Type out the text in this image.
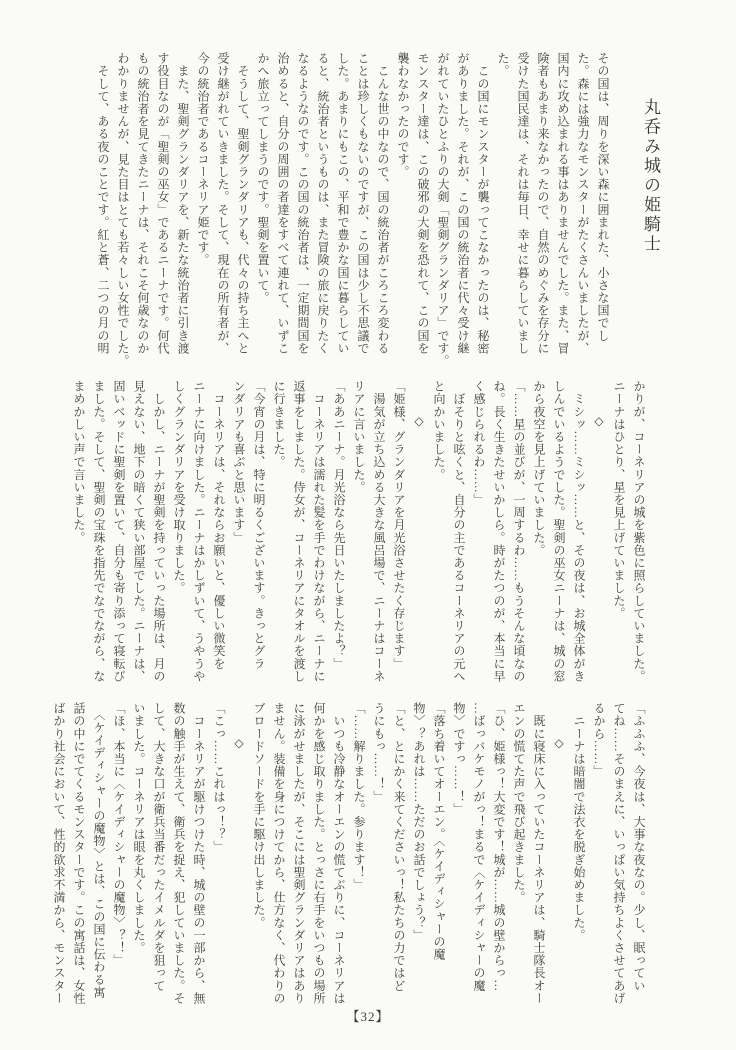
丸呑み城の姫騎士
その国は、周りを深い森に囲まれた、小さな国でし
た。森には強力なモンスターがたくさんいましたが、
国内に攻め込まれる事はありませんでした。また、冒
険者もあまり来なかったので、自然のめぐみを存分に
受けた国民達は、それは毎日、幸せに暮らしていまし
た。
　この国にモンスターが襲ってこなかったのは、秘密
がありました。それが、この国の統治者に代々受け継
がれていたひとふりの大剣「聖剣グランダリア」です。
モンスター達は、この破邪の大剣を恐れて、この国を
襲わなかったのです。
　こんな世の中なので、国の統治者がころころ変わる
ことは珍しくもないのですが、この国は少し不思議で
した。あまりにもこの、平和で豊かな国に暮らしてい
ると、統治者というものは、また冒険の旅に戻りたく
なるようなのです。この国の統治者は、一定期間国を
治めると、自分の周囲の者達をすべて連れて、いずこ
かへ旅立ってしまうのです。聖剣を置いて。
　そうして、聖剣グランダリアも、代々の持ち主へと
受け継がれていきました。そして、現在の所有者が、
今の統治者であるコーネリア姫です。
　また、聖剣グランダリアを、新たな統治者に引き渡
す役目なのが「聖剣の巫女」であるニーナです。何代
もの統治者を見てきたニーナは、それこそ何歳なのか
わかりませんが、見た目はとても若々しい女性でした。
　そして、ある夜のことです。紅と蒼、二つの月の明
かりが、コーネリアの城を紫色に照らしていました。
ニーナはひとり、星を見上げていました。
◇
　ミシッ……ミシッ……と、その夜は、お城全体がき
しんでいるようでした。聖剣の巫女ニーナは、城の窓
から夜空を見上げていました。
「……星の並びが、一周するわ……もうそんな頃なの
ね。長く生きたせいかしら。時がたつのが、本当に早
く感じられるわ……」
　ぼそりと呟くと、自分の主であるコーネリアの元へ
と向かいました。
◇
「姫様、グランダリアを月光浴させたく存じます」
　湯気が立ち込める大きな風呂場で、ニーナはコーネ
リアに言いました。
「ああニーナ。月光浴なら先日いたしましたよ？」
　コーネリアは濡れた髪を手でわけながら、ニーナに
返事をしました。侍女が、コーネリアにタオルを渡し
に行きました。
「今宵の月は、特に明るくございます。きっとグラ
ンダリアも喜ぶと思います」
　コーネリアは、それならお願いと、優しい微笑を
ニーナに向けました。ニーナはかしずいて、うやうや
しくグランダリアを受け取りました。
　しかし、ニーナが聖剣を持っていった場所は、月の
見えない、地下の暗くて狭い部屋でした。ニーナは、
固いベッドに聖剣を置いて、自分も寄り添って寝転び
ました。そして、聖剣の宝珠を指先でなでながら、な
まめかしい声で言いました。
「ふふふ、今夜は、大事な夜なの。少し、眠ってい
てね……そのまえに、いっぱい気持ちよくさせてあげ
るから……」
　ニーナは暗闇で法衣を脱ぎ始めました。
◇
　既に寝床に入っていたコーネリアは、騎士隊長オー
エンの慌てた声で飛び起きました。
「ひ、姫様っ！大変です！城が……城の壁からっ…
…ばっバケモノがっ！まるで〈ケイディシャーの魔
物〉ですっ……！」
「落ち着いてオーエン。〈ケイディシャーの魔
物〉？あれは……ただのお話でしょう？」
「と、とにかく来てくださいっ！私たちの力ではど
うにもっ……！」
「……解りました。参ります！」
　いつも冷静なオーエンの慌てぶりに、コーネリアは
何かを感じ取りました。とっさに右手をいつもの場所
に泳がせましたが、そこには聖剣グランダリアはあり
ません。装備を身につけてから、仕方なく、代わりの
ブロードソードを手に駆け出しました。
◇
「こっ……これはっ！？」
　コーネリアが駆けつけた時、城の壁の一部から、無
数の触手が生えて、衛兵を捉え、犯していました。そ
して、大きな口が衛兵当番だったイメルダを狙って
いました。コーネリアは眼を丸くしました。
「ほ、本当に〈ケイディシャーの魔物〉？！」
　〈ケイディシャーの魔物〉とは、この国に伝わる寓
話の中にでてくるモンスターです。この寓話は、女性
ばかり社会において、性的欲求不満から、モンスター
【32】
